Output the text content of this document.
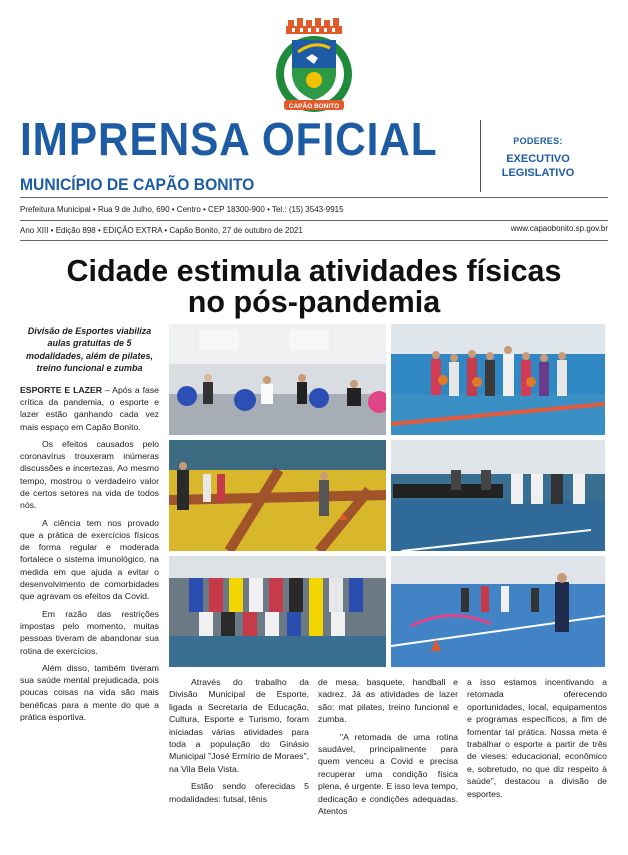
CAPÃO BONITO
IMPRENSA OFICIAL
MUNICÍPIO DE CAPÃO BONITO
PODERES:
EXECUTIVO
LEGISLATIVO
Prefeitura Municipal • Rua 9 de Julho, 690 • Centro • CEP 18300-900 • Tel.: (15) 3543-9915
Ano XIII • Edição 898 • EDIÇÃO EXTRA • Capão Bonito, 27 de outubro de 2021	www.capaobonito.sp.gov.br
Cidade estimula atividades físicas
no pós-pandemia
Divisão de Esportes viabiliza aulas gratuitas de 5 modalidades, além de pilates, treino funcional e zumba

ESPORTE E LAZER – Após a fase crítica da pandemia, o esporte e lazer estão ganhando cada vez mais espaço em Capão Bonito.

Os efeitos causados pelo coronavírus trouxeram inúmeras discussões e incertezas. Ao mesmo tempo, mostrou o verdadeiro valor de certos setores na vida de todos nós.

A ciência tem nos provado que a prática de exercícios físicos de forma regular e moderada fortalece o sistema imunológico, na medida em que ajuda a evitar o desenvolvimento de comorbidades que agravam os efeitos da Covid.

Em razão das restrições impostas pelo momento, muitas pessoas tiveram de abandonar sua rotina de exercícios.

Além disso, também tiveram sua saúde mental prejudicada, pois poucas coisas na vida são mais benéficas para a mente do que a prática esportiva.

Através do trabalho da Divisão Municipal de Esporte, ligada a Secretaria de Educação, Cultura, Esporte e Turismo, foram iniciadas várias atividades para toda a população do Ginásio Municipal "José Ermírio de Moraes", na Vila Bela Vista.

Estão sendo oferecidas 5 modalidades: futsal, tênis

de mesa, basquete, handball e xadrez. Já as atividades de lazer são: mat pilates, treino funcional e zumba.

"A retomada de uma rotina saudável, principalmente para quem venceu a Covid e precisa recuperar uma condição física plena, é urgente. E isso leva tempo, dedicação e condições adequadas. Atentos

a isso estamos incentivando a retomada oferecendo oportunidades, local, equipamentos e programas específicos, a fim de fomentar tal prática. Nossa meta é trabalhar o esporte a partir de três de vieses: educacional, econômico e, sobretudo, no que diz respeito à saúde", destacou a divisão de esportes.
